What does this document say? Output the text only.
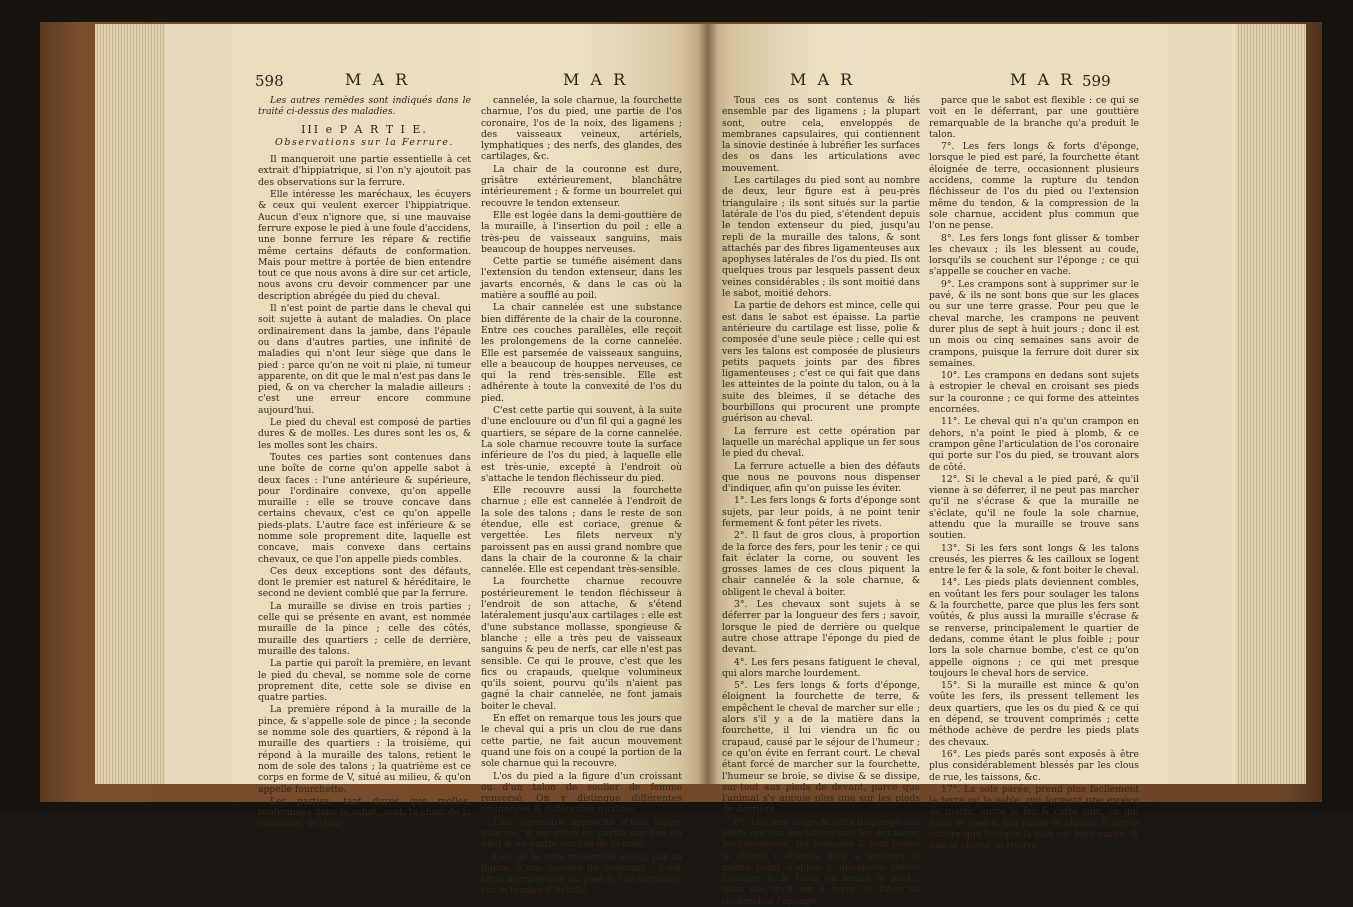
598	M A R	M A R	M A R	M A R 599

Les autres remèdes sont indiqués dans le traité ci-dessus des maladies.

III e P A R T I E.
Observations sur la Ferrure.

Il manqueroit une partie essentielle à cet extrait d'hippiatrique, si l'on n'y ajoutoit pas des observations sur la ferrure.

Elle intéresse les maréchaux, les écuyers & ceux qui veulent exercer l'hippiatrique. Aucun d'eux n'ignore que, si une mauvaise ferrure expose le pied à une foule d'accidens, une bonne ferrure les répare & rectifie même certains défauts de conformation. Mais pour mettre à portée de bien entendre tout ce que nous avons à dire sur cet article, nous avons cru devoir commencer par une description abrégée du pied du cheval.

Il n'est point de partie dans le cheval qui soit sujette à autant de maladies. On place ordinairement dans la jambe, dans l'épaule ou dans d'autres parties, une infinité de maladies qui n'ont leur siège que dans le pied : parce qu'on ne voit ni plaie, ni tumeur apparente, on dit que le mal n'est pas dans le pied, & on va chercher la maladie ailleurs : c'est une erreur encore commune aujourd'hui.

Le pied du cheval est composé de parties dures & de molles. Les dures sont les os, & les molles sont les chairs.

Toutes ces parties sont contenues dans une boîte de corne qu'on appelle sabot à deux faces : l'une antérieure & supérieure, pour l'ordinaire convexe, qu'on appelle muraille : elle se trouve concave dans certains chevaux, c'est ce qu'on appelle pieds-plats. L'autre face est inférieure & se nomme sole proprement dite, laquelle est concave, mais convexe dans certains chevaux, ce que l'on appelle pieds combles.

Ces deux exceptions sont des défauts, dont le premier est naturel & héréditaire, le second ne devient comblé que par la ferrure.

La muraille se divise en trois parties ; celle qui se présente en avant, est nommée muraille de la pince ; celle des côtés, muraille des quartiers ; celle de derrière, muraille des talons.

La partie qui paroît la première, en levant le pied du cheval, se nomme sole de corne proprement dite, cette sole se divise en quatre parties.

La première répond à la muraille de la pince, & s'appelle sole de pince ; la seconde se nomme sole des quartiers, & répond à la muraille des quartiers : la troisième, qui répond à la muraille des talons, retient le nom de sole des talons ; la quatrième est ce corps en forme de V, situé au milieu, & qu'on appelle fourchette.

Les parties, tant dures que molles, renfermées dans le sabot, sont, la chair de la couronne, la chair

cannelée, la sole charnue, la fourchette charnue, l'os du pied, une partie de l'os coronaire, l'os de la noix, des ligamens ; des vaisseaux veineux, artériels, lymphatiques ; des nerfs, des glandes, des cartilages, &c.

La chair de la couronne est dure, grisâtre extérieurement, blanchâtre intérieurement ; & forme un bourrelet qui recouvre le tendon extenseur.

Elle est logée dans la demi-gouttière de la muraille, à l'insertion du poil ; elle a très-peu de vaisseaux sanguins, mais beaucoup de houppes nerveuses.

Cette partie se tuméfie aisément dans l'extension du tendon extenseur, dans les javarts encornés, & dans le cas où la matière a soufflé au poil.

La chair cannelée est une substance bien différente de la chair de la couronne. Entre ces couches parallèles, elle reçoit les prolongemens de la corne cannelée. Elle est parsemée de vaisseaux sanguins, elle a beaucoup de houppes nerveuses, ce qui la rend très-sensible. Elle est adhérente à toute la convexité de l'os du pied.

C'est cette partie qui souvent, à la suite d'une enclouure ou d'un fil qui a gagné les quartiers, se sépare de la corne cannelée. La sole charnue recouvre toute la surface inférieure de l'os du pied, à laquelle elle est très-unie, excepté à l'endroit où s'attache le tendon fléchisseur du pied.

Elle recouvre aussi la fourchette charnue ; elle est cannelée à l'endroit de la sole des talons ; dans le reste de son étendue, elle est coriace, grenue & vergettée. Les filets nerveux n'y paroissent pas en aussi grand nombre que dans la chair de la couronne & la chair cannelée. Elle est cependant très-sensible.

La fourchette charnue recouvre postérieurement le tendon fléchisseur à l'endroit de son attache, & s'étend latéralement jusqu'aux cartilages : elle est d'une substance mollasse, spongieuse & blanche ; elle a très peu de vaisseaux sanguins & peu de nerfs, car elle n'est pas sensible. Ce qui le prouve, c'est que les fics ou crapauds, quelque volumineux qu'ils soient, pourvu qu'ils n'aient pas gagné la chair cannelée, ne font jamais boiter le cheval.

En effet on remarque tous les jours que le cheval qui a pris un clou de rue dans cette partie, ne fait aucun mouvement quand une fois on a coupé la portion de la sole charnue qui la recouvre.

L'os du pied a la figure d'un croissant ou d'un talon de soulier de femme renversé. On y distingue différentes éminences & différentes qualités.

L'os coronaire approche d'une figure quarrée, il est situé en partie sur l'os du pied & en partie sur l'os de la noix.

L'os de la noix ressemble assez, par sa figure, à une navette de tisserand : il est situé derrière l'os du pied & l'os coronaire sur le tendon d'Achille.

Tous ces os sont contenus & liés ensemble par des ligamens ; la plupart sont, outre cela, enveloppés de membranes capsulaires, qui contiennent la sinovie destinée à lubréfier les surfaces des os dans les articulations avec mouvement.

Les cartilages du pied sont au nombre de deux, leur figure est à peu-près triangulaire ; ils sont situés sur la partie latérale de l'os du pied, s'étendent depuis le tendon extenseur du pied, jusqu'au repli de la muraille des talons, & sont attachés par des fibres ligamenteuses aux apophyses latérales de l'os du pied. Ils ont quelques trous par lesquels passent deux veines considérables ; ils sont moitié dans le sabot, moitié dehors.

La partie de dehors est mince, celle qui est dans le sabot est épaisse. La partie antérieure du cartilage est lisse, polie & composée d'une seule pièce ; celle qui est vers les talons est composée de plusieurs petits paquets joints par des fibres ligamenteuses ; c'est ce qui fait que dans les atteintes de la pointe du talon, ou à la suite des bleimes, il se détache des bourbillons qui procurent une prompte guérison au cheval.

La ferrure est cette opération par laquelle un maréchal applique un fer sous le pied du cheval.

La ferrure actuelle a bien des défauts que nous ne pouvons nous dispenser d'indiquer, afin qu'on puisse les éviter.

1°. Les fers longs & forts d'éponge sont sujets, par leur poids, à ne point tenir fermement & font péter les rivets.

2°. Il faut de gros clous, à proportion de la force des fers, pour les tenir ; ce qui fait éclater la corne, ou souvent les grosses lames de ces clous piquent la chair cannelée & la sole charnue, & obligent le cheval à boiter.

3°. Les chevaux sont sujets à se déferrer par la longueur des fers ; savoir, lorsque le pied de derrière ou quelque autre chose attrape l'éponge du pied de devant.

4°. Les fers pesans fatiguent le cheval, qui alors marche lourdement.

5°. Les fers longs & forts d'éponge, éloignent la fourchette de terre, & empêchent le cheval de marcher sur elle ; alors s'il y a de la matière dans la fourchette, il lui viendra un fic ou crapaud, causé par le séjour de l'humeur ; ce qu'on évite en ferrant court. Le cheval étant forcé de marcher sur la fourchette, l'humeur se broie, se divise & se dissipe, sur-tout aux pieds de devant, parce que l'animal s'y appuie plus que sur les pieds de derrière.

6°. Les fers longs & forts d'éponge aux pieds qui ont les talons bas, les écrasent, les renversent, les froissent & font boiter le cheval ( attendu qu'il a toujours le même point d'appui ), quoiqu'on relève l'éponge & le talon en levant le pied ; mais dès qu'il est à terre, le talon va rechercher l'éponge,

parce que le sabot est flexible : ce qui se voit en le déferrant, par une gouttière remarquable de la branche qu'a produit le talon.

7°. Les fers longs & forts d'éponge, lorsque le pied est paré, la fourchette étant éloignée de terre, occasionnent plusieurs accidens, comme la rupture du tendon fléchisseur de l'os du pied ou l'extension même du tendon, & la compression de la sole charnue, accident plus commun que l'on ne pense.

8°. Les fers longs font glisser & tomber les chevaux ; ils les blessent au coude, lorsqu'ils se couchent sur l'éponge ; ce qui s'appelle se coucher en vache.

9°. Les crampons sont à supprimer sur le pavé, & ils ne sont bons que sur les glaces ou sur une terre grasse. Pour peu que le cheval marche, les crampons ne peuvent durer plus de sept à huit jours ; donc il est un mois ou cinq semaines sans avoir de crampons, puisque la ferrure doit durer six semaines.

10°. Les crampons en dedans sont sujets à estropier le cheval en croisant ses pieds sur la couronne ; ce qui forme des atteintes encornées.

11°. Le cheval qui n'a qu'un crampon en dehors, n'a point le pied à plomb, & ce crampon gêne l'articulation de l'os coronaire qui porte sur l'os du pied, se trouvant alors de côté.

12°. Si le cheval a le pied paré, & qu'il vienne à se déferrer, il ne peut pas marcher qu'il ne s'écrase & que la muraille ne s'éclate, qu'il ne foule la sole charnue, attendu que la muraille se trouve sans soutien.

13°. Si les fers sont longs & les talons creusés, les pierres & les cailloux se logent entre le fer & la sole, & font boiter le cheval.

14°. Les pieds plats deviennent combles, en voûtant les fers pour soulager les talons & la fourchette, parce que plus les fers sont voûtés, & plus aussi la muraille s'écrase & se renverse, principalement le quartier de dedans, comme étant le plus foible ; pour lors la sole charnue bombe, c'est ce qu'on appelle oignons ; ce qui met presque toujours le cheval hors de service.

15°. Si la muraille est mince & qu'on voûte les fers, ils pressent tellement les deux quartiers, que les os du pied & ce qui en dépend, se trouvent comprimés ; cette méthode achève de perdre les pieds plats des chevaux.

16°. Les pieds parés sont exposés à être plus considérablement blessés par les clous de rue, les taissons, &c.

17°. La sole parée, prend plus facilement la terre ou le sable, qui forment une espèce de mastic entre le fer & cette sole, ce qui foule le pied & fait boiter le cheval. Il arrive encore que lorsque la sole est bien parée, & que le cheval se trouve
